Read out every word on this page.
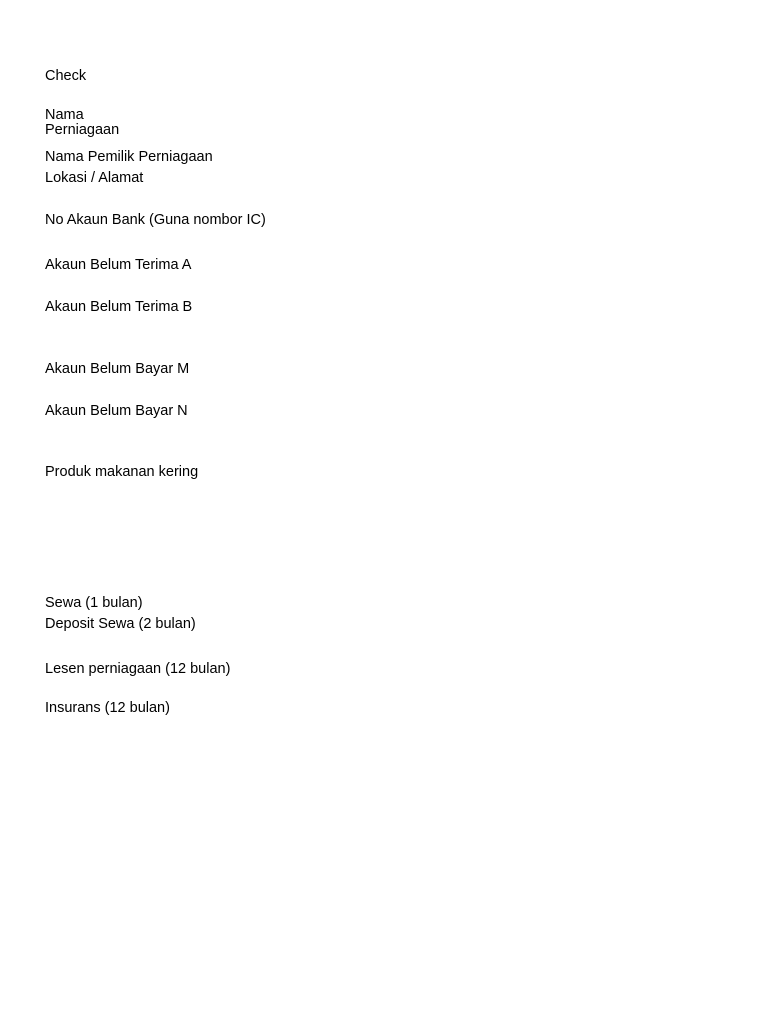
Check
Nama
Perniagaan
Nama Pemilik Perniagaan
Lokasi / Alamat
No Akaun Bank (Guna nombor IC)
Akaun Belum Terima A
Akaun Belum Terima B
Akaun Belum Bayar M
Akaun Belum Bayar N
Produk makanan kering
Sewa (1 bulan)
Deposit Sewa (2 bulan)
Lesen perniagaan (12 bulan)
Insurans (12 bulan)
